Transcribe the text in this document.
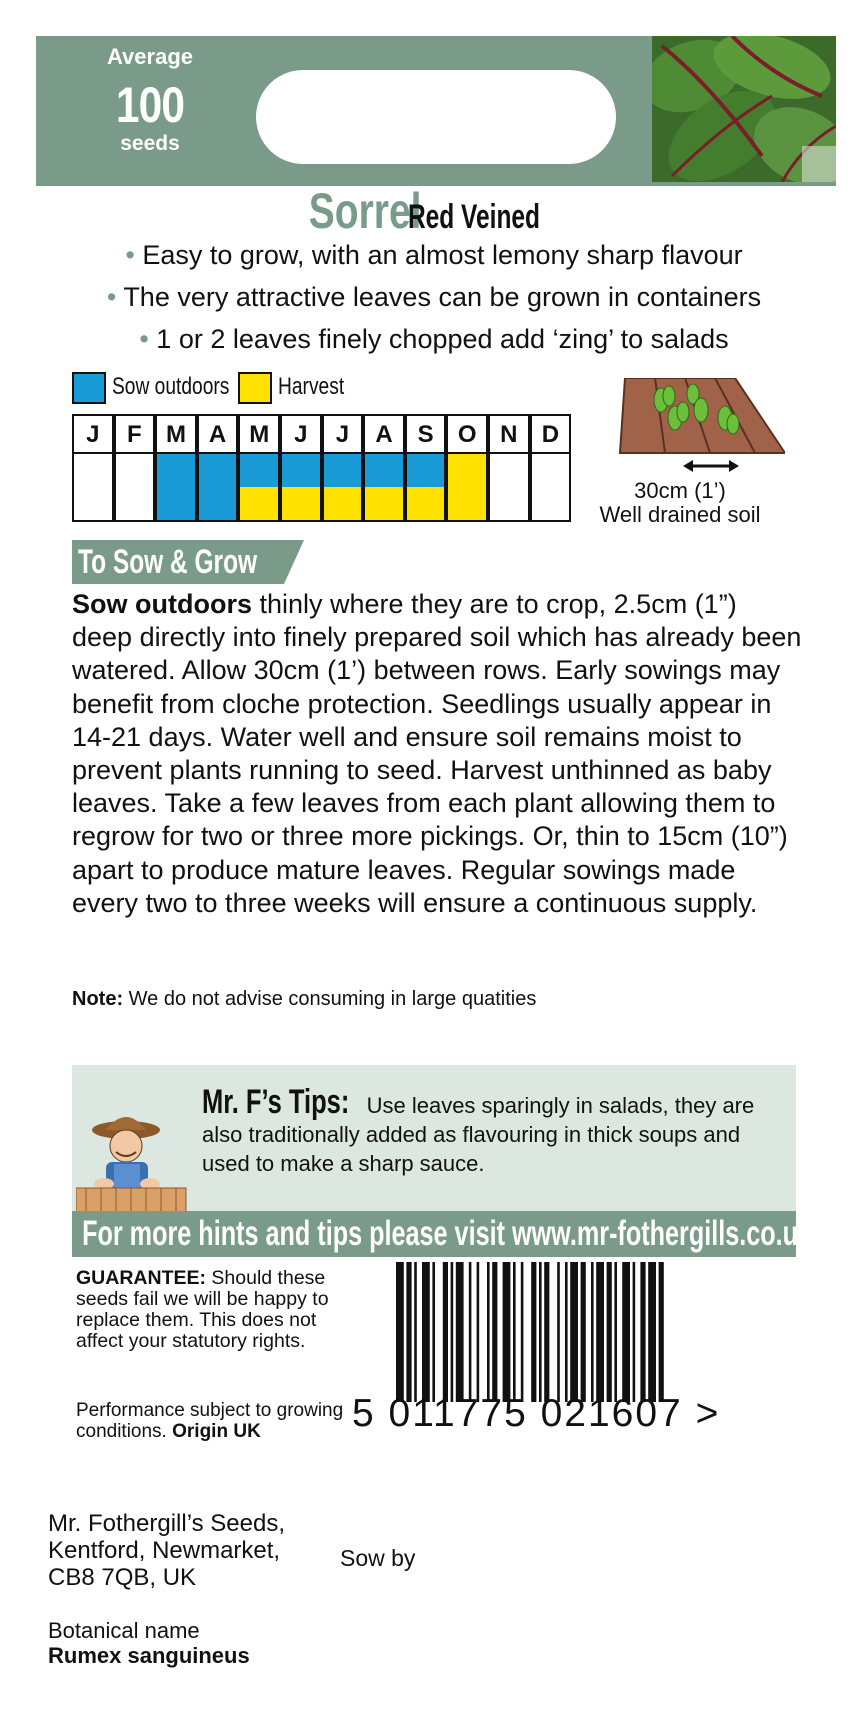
Average
100
seeds
Sorrel Red Veined
• Easy to grow, with an almost lemony sharp flavour
• The very attractive leaves can be grown in containers
• 1 or 2 leaves finely chopped add ‘zing’ to salads
Sow outdoors Harvest
J	F	M A M	J	J	A	S	O N	D
30cm (1’)
Well drained soil
To Sow & Grow
Sow outdoors thinly where they are to crop, 2.5cm (1”) deep directly into finely prepared soil which has already been watered. Allow 30cm (1’) between rows. Early sowings may benefit from cloche protection. Seedlings usually appear in 14-21 days. Water well and ensure soil remains moist to prevent plants running to seed. Harvest unthinned as baby leaves. Take a few leaves from each plant allowing them to regrow for two or three more pickings. Or, thin to 15cm (10”) apart to produce mature leaves. Regular sowings made every two to three weeks will ensure a continuous supply.
Note: We do not advise consuming in large quatities
Mr. F’s Tips: Use leaves sparingly in salads, they are also traditionally added as flavouring in thick soups and used to make a sharp sauce.
For more hints and tips please visit www.mr-fothergills.co.uk
GUARANTEE: Should these seeds fail we will be happy to replace them. This does not affect your statutory rights.
Performance subject to growing conditions. Origin UK	5 011775 021607 >
Mr. Fothergill’s Seeds,
Kentford, Newmarket,
CB8 7QB, UK
Sow by
Botanical name
Rumex sanguineus
